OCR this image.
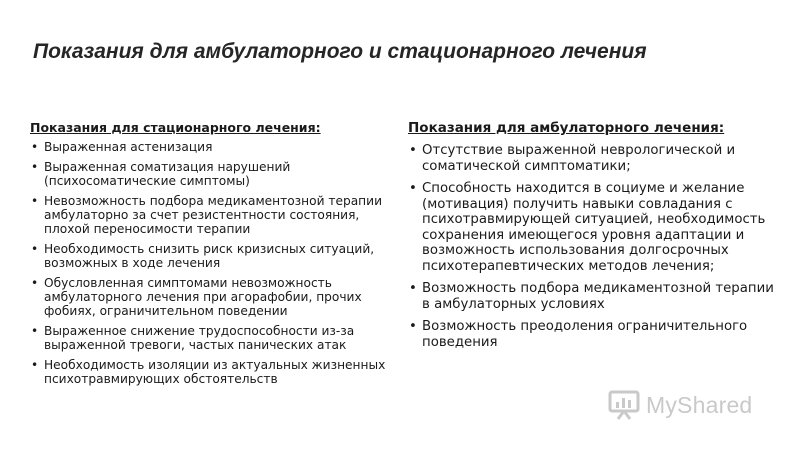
Показания для амбулаторного и стационарного лечения

Показания для стационарного лечения:

• Выраженная астенизация
• Выраженная соматизация нарушений (психосоматические симптомы)
• Невозможность подбора медикаментозной терапии амбулаторно за счет резистентности состояния, плохой переносимости терапии
• Необходимость снизить риск кризисных ситуаций, возможных в ходе лечения
• Обусловленная симптомами невозможность амбулаторного лечения при агорафобии, прочих фобиях, ограничительном поведении
• Выраженное снижение трудоспособности из-за выраженной тревоги, частых панических атак
• Необходимость изоляции из актуальных жизненных психотравмирующих обстоятельств

Показания для амбулаторного лечения:

• Отсутствие выраженной неврологической и соматической симптоматики;
• Способность находится в социуме и желание (мотивация) получить навыки совладания с психотравмирующей ситуацией, необходимость сохранения имеющегося уровня адаптации и возможность использования долгосрочных психотерапевтических методов лечения;
• Возможность подбора медикаментозной терапии в амбулаторных условиях
• Возможность преодоления ограничительного поведения
MyShared
